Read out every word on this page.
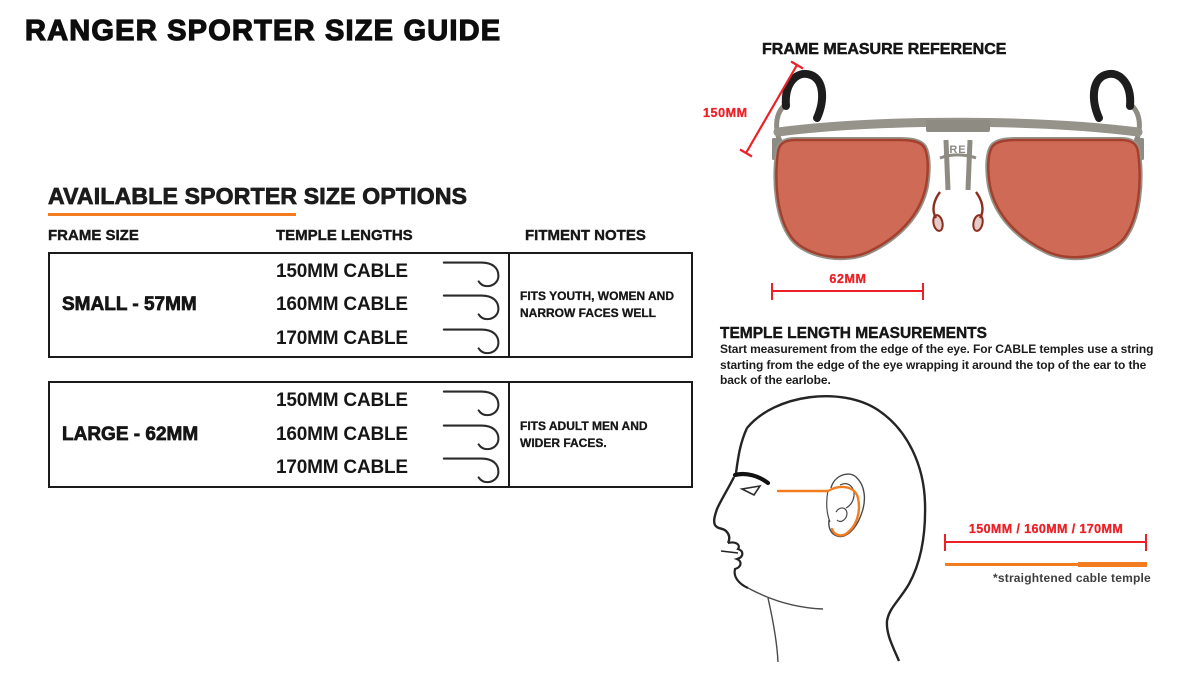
RANGER SPORTER SIZE GUIDE
AVAILABLE SPORTER SIZE OPTIONS
FRAME SIZE	TEMPLE LENGTHS	FITMENT NOTES
SMALL - 57MM
150MM CABLE
160MM CABLE
170MM CABLE
FITS YOUTH, WOMEN AND NARROW FACES WELL
LARGE - 62MM
150MM CABLE
160MM CABLE
170MM CABLE
FITS ADULT MEN AND WIDER FACES.
FRAME MEASURE REFERENCE
RE
150MM
62MM
TEMPLE LENGTH MEASUREMENTS
Start measurement from the edge of the eye. For CABLE temples use a string starting from the edge of the eye wrapping it around the top of the ear to the back of the earlobe.
150MM / 160MM / 170MM
*straightened cable temple
